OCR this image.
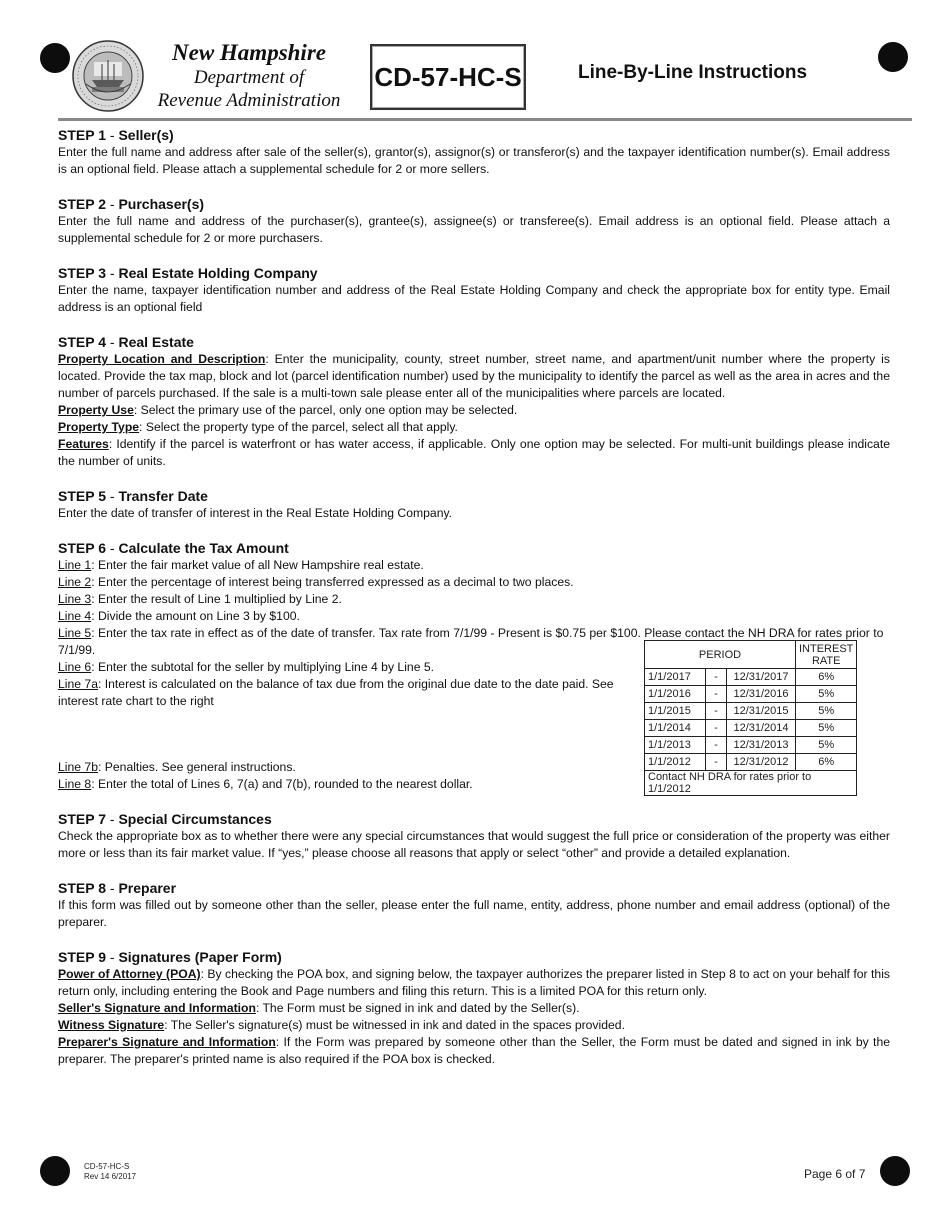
New Hampshire
Department of
Revenue Administration
CD-57-HC-S	Line-By-Line Instructions
STEP 1 - Seller(s)

Enter the full name and address after sale of the seller(s), grantor(s), assignor(s) or transferor(s) and the taxpayer identification number(s). Email address is an optional field. Please attach a supplemental schedule for 2 or more sellers.

STEP 2 - Purchaser(s)

Enter the full name and address of the purchaser(s), grantee(s), assignee(s) or transferee(s). Email address is an optional field. Please attach a supplemental schedule for 2 or more purchasers.

STEP 3 - Real Estate Holding Company

Enter the name, taxpayer identification number and address of the Real Estate Holding Company and check the appropriate box for entity type. Email address is an optional field

STEP 4 - Real Estate

Property Location and Description: Enter the municipality, county, street number, street name, and apartment/unit number where the property is located. Provide the tax map, block and lot (parcel identification number) used by the municipality to identify the parcel as well as the area in acres and the number of parcels purchased. If the sale is a multi-town sale please enter all of the municipalities where parcels are located.

Property Use: Select the primary use of the parcel, only one option may be selected.

Property Type: Select the property type of the parcel, select all that apply.

Features: Identify if the parcel is waterfront or has water access, if applicable. Only one option may be selected. For multi-unit buildings please indicate the number of units.

STEP 5 - Transfer Date

Enter the date of transfer of interest in the Real Estate Holding Company.

STEP 6 - Calculate the Tax Amount

Line 1: Enter the fair market value of all New Hampshire real estate.

Line 2: Enter the percentage of interest being transferred expressed as a decimal to two places.

Line 3: Enter the result of Line 1 multiplied by Line 2.

Line 4: Divide the amount on Line 3 by $100.

Line 5: Enter the tax rate in effect as of the date of transfer. Tax rate from 7/1/99 - Present is $0.75 per $100. Please contact the NH DRA for rates prior to 7/1/99.

Line 6: Enter the subtotal for the seller by multiplying Line 4 by Line 5.

Line 7a: Interest is calculated on the balance of tax due from the original due date to the date paid. See interest rate chart to the right

Line 7b: Penalties. See general instructions.

Line 8: Enter the total of Lines 6, 7(a) and 7(b), rounded to the nearest dollar.

PERIOD			INTEREST
RATE
1/1/2017	-	12/31/2017	6%
1/1/2016	-	12/31/2016	5%
1/1/2015	-	12/31/2015	5%
1/1/2014	-	12/31/2014	5%
1/1/2013	-	12/31/2013	5%
1/1/2012	-	12/31/2012	6%
Contact NH DRA for rates prior to 1/1/2012			
STEP 7 - Special Circumstances

Check the appropriate box as to whether there were any special circumstances that would suggest the full price or consideration of the property was either more or less than its fair market value. If “yes,” please choose all reasons that apply or select “other” and provide a detailed explanation.

STEP 8 - Preparer

If this form was filled out by someone other than the seller, please enter the full name, entity, address, phone number and email address (optional) of the preparer.

STEP 9 - Signatures (Paper Form)

Power of Attorney (POA): By checking the POA box, and signing below, the taxpayer authorizes the preparer listed in Step 8 to act on your behalf for this return only, including entering the Book and Page numbers and filing this return. This is a limited POA for this return only.

Seller's Signature and Information: The Form must be signed in ink and dated by the Seller(s).

Witness Signature: The Seller's signature(s) must be witnessed in ink and dated in the spaces provided.

Preparer's Signature and Information: If the Form was prepared by someone other than the Seller, the Form must be dated and signed in ink by the preparer. The preparer's printed name is also required if the POA box is checked.

CD-57-HC-S
Rev 14 6/2017	Page 6 of 7
